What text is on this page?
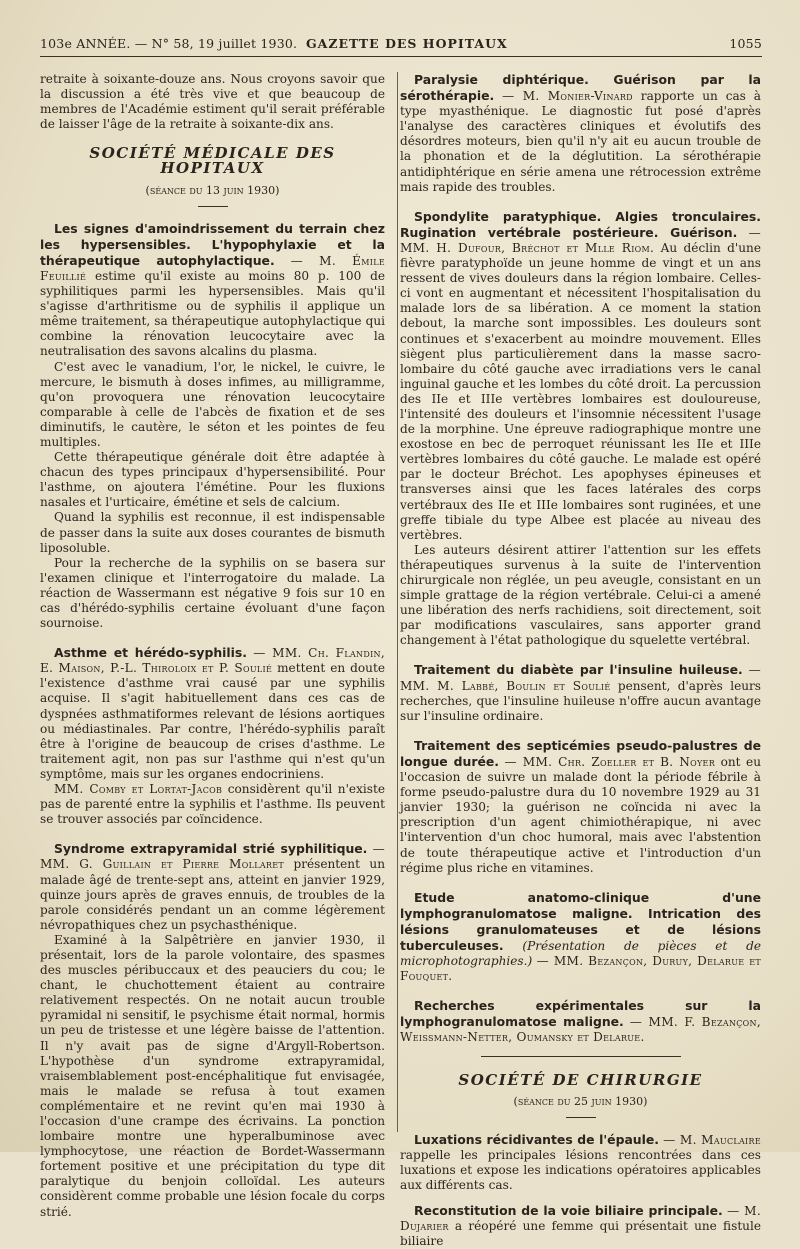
103e ANNÉE. — N° 58, 19 juillet 1930. GAZETTE DES HOPITAUX	1055

retraite à soixante-douze ans. Nous croyons savoir que la discussion a été très vive et que beaucoup de membres de l'Académie estiment qu'il serait préférable de laisser l'âge de la retraite à soixante-dix ans.

SOCIÉTÉ MÉDICALE DES HOPITAUX

(séance du 13 juin 1930)

Les signes d'amoindrissement du terrain chez les hypersensibles. L'hypophylaxie et la thérapeutique autophylactique. — M. Émile Feuillié estime qu'il existe au moins 80 p. 100 de syphilitiques parmi les hypersensibles. Mais qu'il s'agisse d'arthritisme ou de syphilis il applique un même traitement, sa thérapeutique autophylactique qui combine la rénovation leucocytaire avec la neutralisation des savons alcalins du plasma.

C'est avec le vanadium, l'or, le nickel, le cuivre, le mercure, le bismuth à doses infimes, au milligramme, qu'on provoquera une rénovation leucocytaire comparable à celle de l'abcès de fixation et de ses diminutifs, le cautère, le séton et les pointes de feu multiples.

Cette thérapeutique générale doit être adaptée à chacun des types principaux d'hypersensibilité. Pour l'asthme, on ajoutera l'émétine. Pour les fluxions nasales et l'urticaire, émétine et sels de calcium.

Quand la syphilis est reconnue, il est indispensable de passer dans la suite aux doses courantes de bismuth liposoluble.

Pour la recherche de la syphilis on se basera sur l'examen clinique et l'interrogatoire du malade. La réaction de Wassermann est négative 9 fois sur 10 en cas d'hérédo-syphilis certaine évoluant d'une façon sournoise.

Asthme et hérédo-syphilis. — MM. Ch. Flandin, E. Maison, P.-L. Thiroloix et P. Soulié mettent en doute l'existence d'asthme vrai causé par une syphilis acquise. Il s'agit habituellement dans ces cas de dyspnées asthmatiformes relevant de lésions aortiques ou médiastinales. Par contre, l'hérédo-syphilis paraît être à l'origine de beaucoup de crises d'asthme. Le traitement agit, non pas sur l'asthme qui n'est qu'un symptôme, mais sur les organes endocriniens.

MM. Comby et Lortat-Jacob considèrent qu'il n'existe pas de parenté entre la syphilis et l'asthme. Ils peuvent se trouver associés par coïncidence.

Syndrome extrapyramidal strié syphilitique. — MM. G. Guillain et Pierre Mollaret présentent un malade âgé de trente-sept ans, atteint en janvier 1929, quinze jours après de graves ennuis, de troubles de la parole considérés pendant un an comme légèrement névropathiques chez un psychasthénique.

Examiné à la Salpêtrière en janvier 1930, il présentait, lors de la parole volontaire, des spasmes des muscles péribuccaux et des peauciers du cou; le chant, le chuchottement étaient au contraire relativement respectés. On ne notait aucun trouble pyramidal ni sensitif, le psychisme était normal, hormis un peu de tristesse et une légère baisse de l'attention. Il n'y avait pas de signe d'Argyll-Robertson. L'hypothèse d'un syndrome extrapyramidal, vraisemblablement post-encéphalitique fut envisagée, mais le malade se refusa à tout examen complémentaire et ne revint qu'en mai 1930 à l'occasion d'une crampe des écrivains. La ponction lombaire montre une hyperalbuminose avec lymphocytose, une réaction de Bordet-Wassermann fortement positive et une précipitation du type dit paralytique du benjoin colloïdal. Les auteurs considèrent comme probable une lésion focale du corps strié.

Paralysie diphtérique. Guérison par la sérothérapie. — M. Monier-Vinard rapporte un cas à type myasthénique. Le diagnostic fut posé d'après l'analyse des caractères cliniques et évolutifs des désordres moteurs, bien qu'il n'y ait eu aucun trouble de la phonation et de la déglutition. La sérothérapie antidiphtérique en série amena une rétrocession extrême mais rapide des troubles.

Spondylite paratyphique. Algies tronculaires. Rugination vertébrale postérieure. Guérison. — MM. H. Dufour, Bréchot et Mlle Riom. Au déclin d'une fièvre paratyphoïde un jeune homme de vingt et un ans ressent de vives douleurs dans la région lombaire. Celles-ci vont en augmentant et nécessitent l'hospitalisation du malade lors de sa libération. A ce moment la station debout, la marche sont impossibles. Les douleurs sont continues et s'exacerbent au moindre mouvement. Elles siègent plus particulièrement dans la masse sacro-lombaire du côté gauche avec irradiations vers le canal inguinal gauche et les lombes du côté droit. La percussion des IIe et IIIe vertèbres lombaires est douloureuse, l'intensité des douleurs et l'insomnie nécessitent l'usage de la morphine. Une épreuve radiographique montre une exostose en bec de perroquet réunissant les IIe et IIIe vertèbres lombaires du côté gauche. Le malade est opéré par le docteur Bréchot. Les apophyses épineuses et transverses ainsi que les faces latérales des corps vertébraux des IIe et IIIe lombaires sont ruginées, et une greffe tibiale du type Albee est placée au niveau des vertèbres.

Les auteurs désirent attirer l'attention sur les effets thérapeutiques survenus à la suite de l'intervention chirurgicale non réglée, un peu aveugle, consistant en un simple grattage de la région vertébrale. Celui-ci a amené une libération des nerfs rachidiens, soit directement, soit par modifications vasculaires, sans apporter grand changement à l'état pathologique du squelette vertébral.

Traitement du diabète par l'insuline huileuse. — MM. M. Labbé, Boulin et Soulié pensent, d'après leurs recherches, que l'insuline huileuse n'offre aucun avantage sur l'insuline ordinaire.

Traitement des septicémies pseudo-palustres de longue durée. — MM. Chr. Zoeller et B. Noyer ont eu l'occasion de suivre un malade dont la période fébrile à forme pseudo-palustre dura du 10 novembre 1929 au 31 janvier 1930; la guérison ne coïncida ni avec la prescription d'un agent chimiothérapique, ni avec l'intervention d'un choc humoral, mais avec l'abstention de toute thérapeutique active et l'introduction d'un régime plus riche en vitamines.

Etude anatomo-clinique d'une lymphogranulomatose maligne. Intrication des lésions granulomateuses et de lésions tuberculeuses. (Présentation de pièces et de microphotographies.) — MM. Bezançon, Duruy, Delarue et Fouquet.

Recherches expérimentales sur la lymphogranulomatose maligne. — MM. F. Bezançon, Weissmann-Netter, Oumansky et Delarue.

SOCIÉTÉ DE CHIRURGIE

(séance du 25 juin 1930)

Luxations récidivantes de l'épaule. — M. Mauclaire rappelle les principales lésions rencontrées dans ces luxations et expose les indications opératoires applicables aux différents cas.

Reconstitution de la voie biliaire principale. — M. Dujarier a réopéré une femme qui présentait une fistule biliaire
